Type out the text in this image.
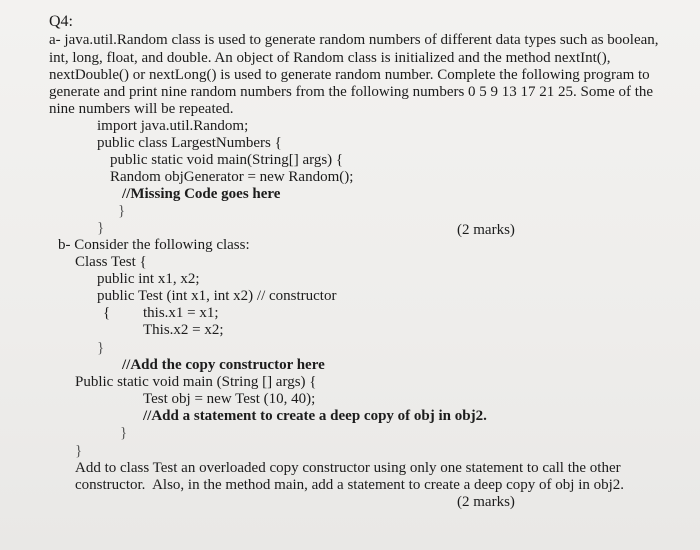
Q4:
a- java.util.Random class is used to generate random numbers of different data types such as boolean,
int, long, float, and double. An object of Random class is initialized and the method nextInt(),
nextDouble() or nextLong() is used to generate random number. Complete the following program to
generate and print nine random numbers from the following numbers 0 5 9 13 17 21 25. Some of the
nine numbers will be repeated.
import java.util.Random;
public class LargestNumbers {
public static void main(String[] args) {
Random objGenerator = new Random();
//Missing Code goes here
}
}	(2 marks)
b- Consider the following class:
Class Test {
public int x1, x2;
public Test (int x1, int x2) // constructor
{ this.x1 = x1;
This.x2 = x2;
}
//Add the copy constructor here
Public static void main (String [] args) {
Test obj = new Test (10, 40);
//Add a statement to create a deep copy of obj in obj2.
}
}
Add to class Test an overloaded copy constructor using only one statement to call the other
constructor.  Also, in the method main, add a statement to create a deep copy of obj in obj2.
(2 marks)
